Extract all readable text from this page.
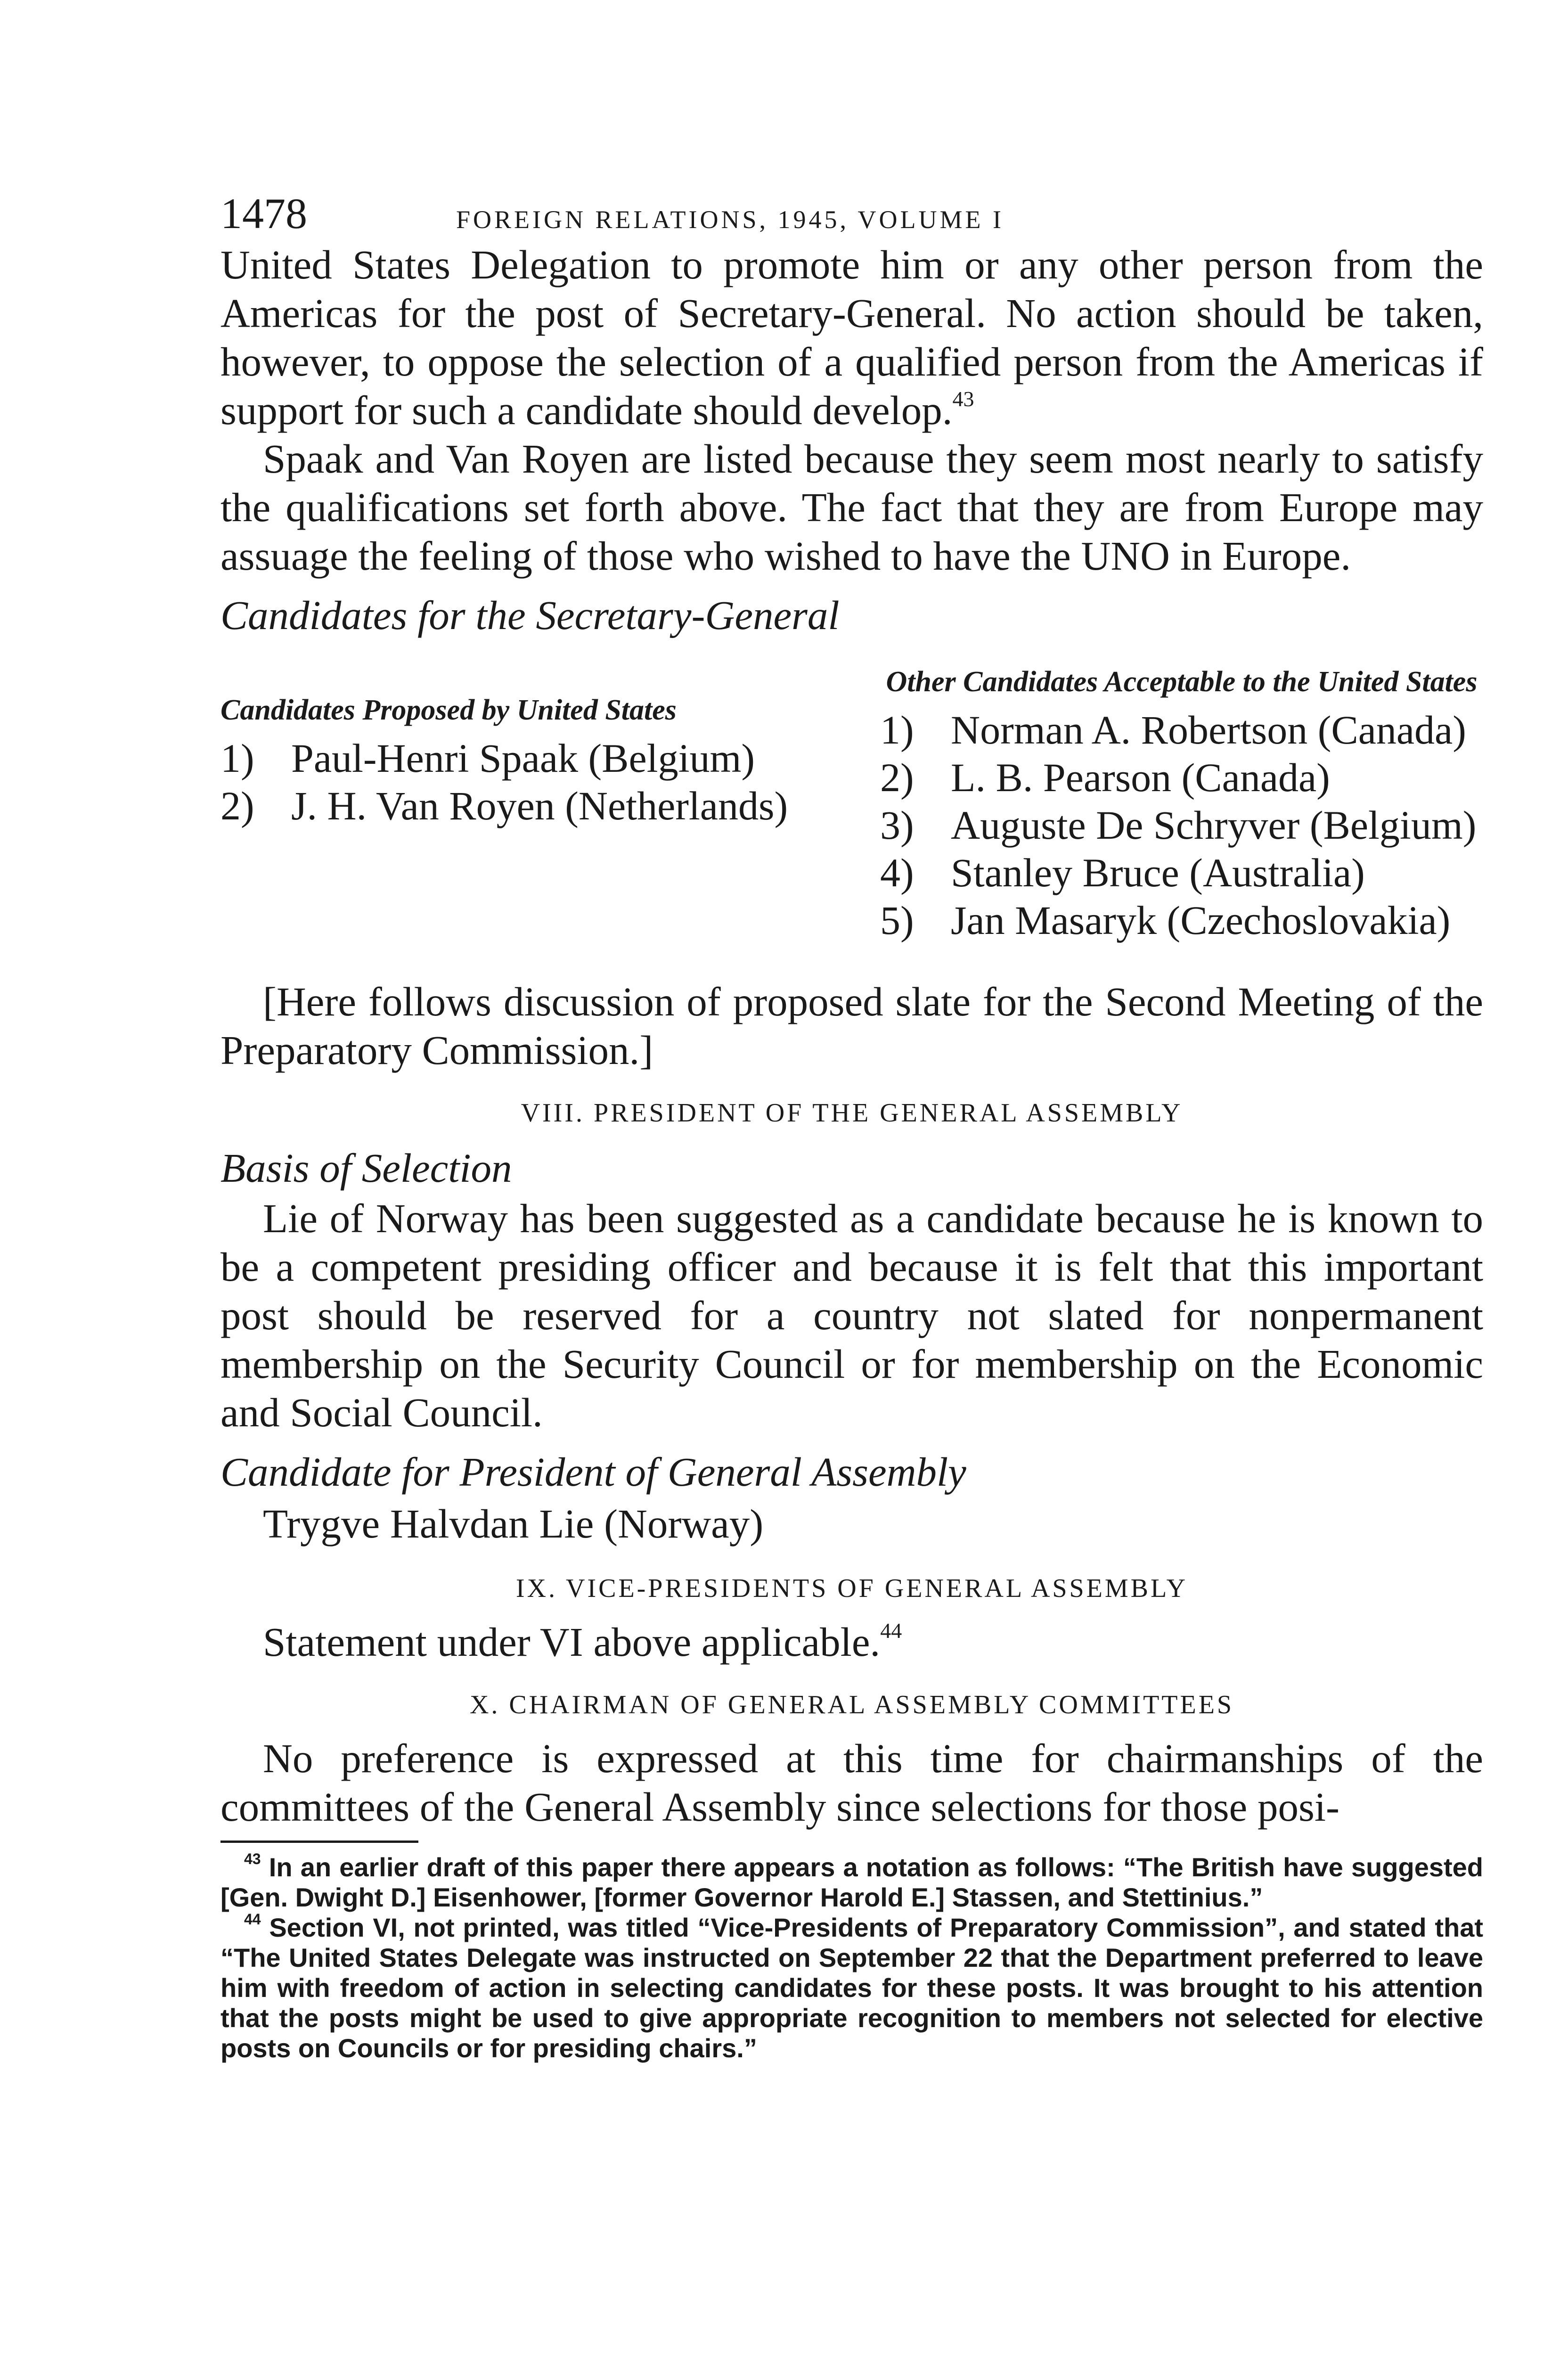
1478	FOREIGN RELATIONS, 1945, VOLUME I

United States Delegation to promote him or any other person from the Americas for the post of Secretary-General. No action should be taken, however, to oppose the selection of a qualified person from the Americas if support for such a candidate should develop.$^{43}$

Spaak and Van Royen are listed because they seem most nearly to satisfy the qualifications set forth above. The fact that they are from Europe may assuage the feeling of those who wished to have the UNO in Europe.

Candidates for the Secretary-General
Candidates Proposed by United States
1) Paul-Henri Spaak (Belgium)
2) J. H. Van Royen (Netherlands)
Other Candidates Acceptable to the United States
1) Norman A. Robertson (Canada)
2) L. B. Pearson (Canada)
3) Auguste De Schryver (Belgium)
4) Stanley Bruce (Australia)
5) Jan Masaryk (Czechoslovakia)

[Here follows discussion of proposed slate for the Second Meeting of the Preparatory Commission.]

VIII. PRESIDENT OF THE GENERAL ASSEMBLY
Basis of Selection

Lie of Norway has been suggested as a candidate because he is known to be a competent presiding officer and because it is felt that this important post should be reserved for a country not slated for nonpermanent membership on the Security Council or for membership on the Economic and Social Council.

Candidate for President of General Assembly
Trygve Halvdan Lie (Norway)
IX. VICE-PRESIDENTS OF GENERAL ASSEMBLY

Statement under VI above applicable.$^{44}$

X. CHAIRMAN OF GENERAL ASSEMBLY COMMITTEES

No preference is expressed at this time for chairmanships of the committees of the General Assembly since selections for those posi-

$^{43}$ In an earlier draft of this paper there appears a notation as follows: “The British have suggested [Gen. Dwight D.] Eisenhower, [former Governor Harold E.] Stassen, and Stettinius.”

$^{44}$ Section VI, not printed, was titled “Vice-Presidents of Preparatory Commission”, and stated that “The United States Delegate was instructed on September 22 that the Department preferred to leave him with freedom of action in selecting candidates for these posts. It was brought to his attention that the posts might be used to give appropriate recognition to members not selected for elective posts on Councils or for presiding chairs.”
